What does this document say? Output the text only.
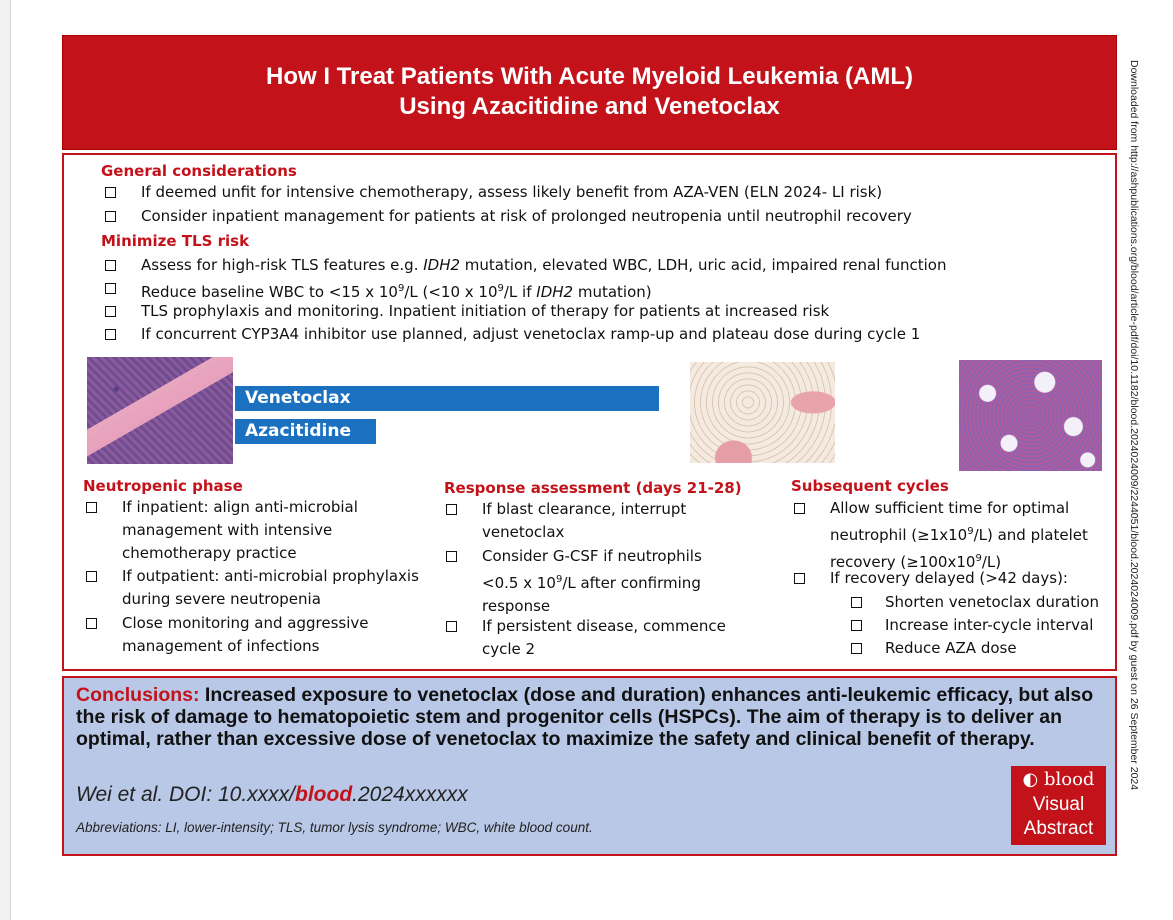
How I Treat Patients With Acute Myeloid Leukemia (AML)
Using Azacitidine and Venetoclax
General considerations
If deemed unfit for intensive chemotherapy, assess likely benefit from AZA-VEN (ELN 2024- LI risk)
Consider inpatient management for patients at risk of prolonged neutropenia until neutrophil recovery
Minimize TLS risk
Assess for high-risk TLS features e.g. IDH2 mutation, elevated WBC, LDH, uric acid, impaired renal function
Reduce baseline WBC to <15 x $10^9/L$ (<10 x $10^9/L$ if IDH2 mutation)
TLS prophylaxis and monitoring. Inpatient initiation of therapy for patients at increased risk
If concurrent CYP3A4 inhibitor use planned, adjust venetoclax ramp-up and plateau dose during cycle 1
Venetoclax
Azacitidine
Neutropenic phase
If inpatient: align anti-microbial
management with intensive
chemotherapy practice
If outpatient: anti-microbial prophylaxis
during severe neutropenia
Close monitoring and aggressive
management of infections
Response assessment (days 21-28)
If blast clearance, interrupt
venetoclax
Consider G-CSF if neutrophils
<0.5 x $10^9/L$ after confirming
response
If persistent disease, commence
cycle 2
Subsequent cycles
Allow sufficient time for optimal
neutrophil $(\ge 1x10^9/L)$ and platelet
recovery $(\ge 100x10^9/L)$
If recovery delayed (>42 days):
Shorten venetoclax duration
Increase inter-cycle interval
Reduce AZA dose
Conclusions: Increased exposure to venetoclax (dose and duration) enhances anti-leukemic efficacy, but also the risk of damage to hematopoietic stem and progenitor cells (HSPCs). The aim of therapy is to deliver an optimal, rather than excessive dose of venetoclax to maximize the safety and clinical benefit of therapy.
Wei et al. DOI: 10.xxxx/blood.2024xxxxxx
Abbreviations: LI, lower-intensity; TLS, tumor lysis syndrome; WBC, white blood count.
◐ blood
Visual
Abstract
Downloaded from http://ashpublications.org/blood/article-pdf/doi/10.1182/blood.2024024009/2244051/blood.2024024009.pdf by guest on 26 September 2024
